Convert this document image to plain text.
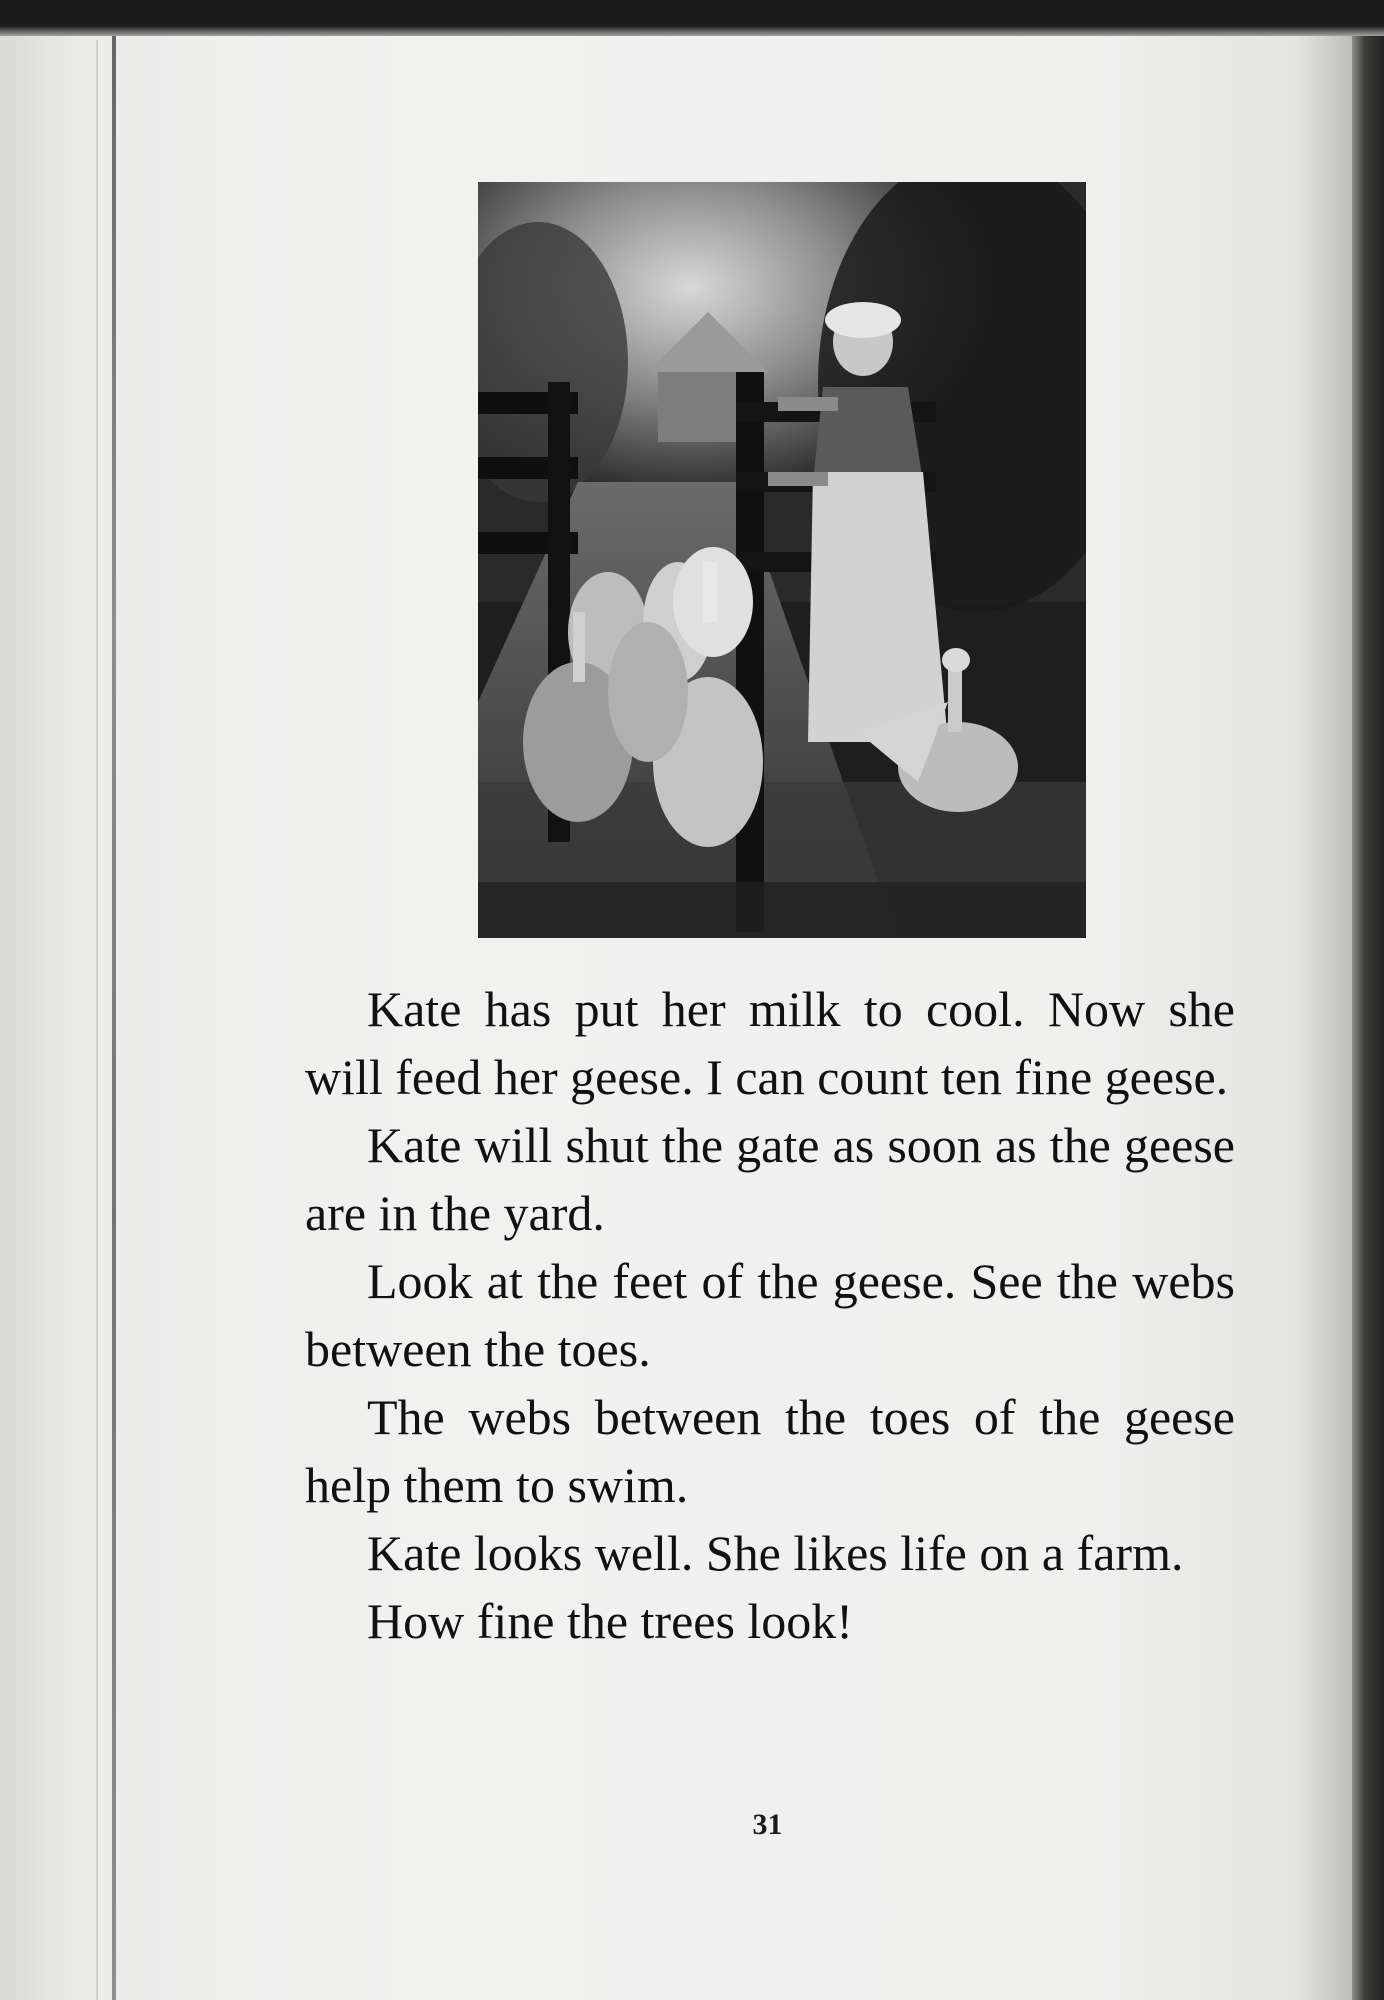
Kate has put her milk to cool. Now she will feed her geese. I can count ten fine geese.

Kate will shut the gate as soon as the geese are in the yard.

Look at the feet of the geese. See the webs between the toes.

The webs between the toes of the geese help them to swim.

Kate looks well. She likes life on a farm.

How fine the trees look!

31
